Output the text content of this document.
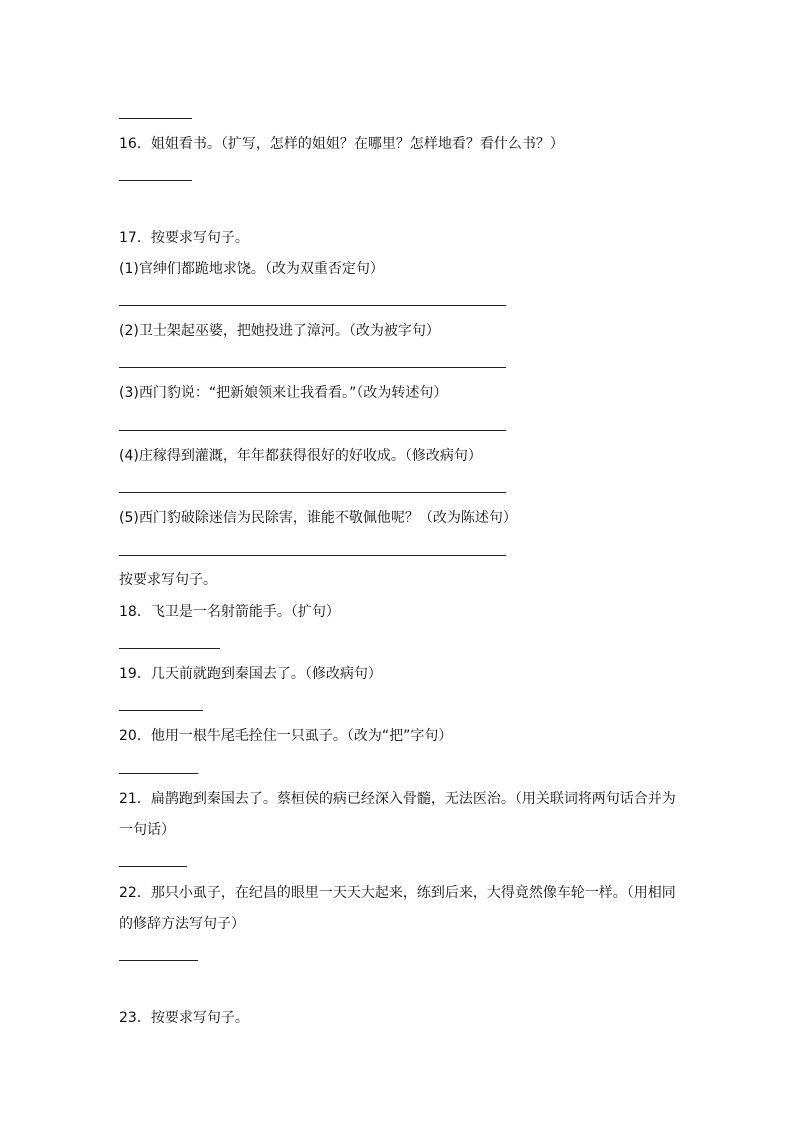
16．姐姐看书。（扩写，怎样的姐姐？在哪里？怎样地看？看什么书？）
17．按要求写句子。
(1)官绅们都跪地求饶。（改为双重否定句）
(2)卫士架起巫婆，把她投进了漳河。（改为被字句）
(3)西门豹说：“把新娘领来让我看看。”（改为转述句）
(4)庄稼得到灌溉，年年都获得很好的好收成。（修改病句）
(5)西门豹破除迷信为民除害，谁能不敬佩他呢？（改为陈述句）
按要求写句子。
18．飞卫是一名射箭能手。（扩句）
19．几天前就跑到秦国去了。（修改病句）
20．他用一根牛尾毛拴住一只虱子。（改为“把”字句）
21．扁鹊跑到秦国去了。蔡桓侯的病已经深入骨髓，无法医治。（用关联词将两句话合并为
一句话）
22．那只小虱子，在纪昌的眼里一天天大起来，练到后来，大得竟然像车轮一样。（用相同
的修辞方法写句子）
23．按要求写句子。
